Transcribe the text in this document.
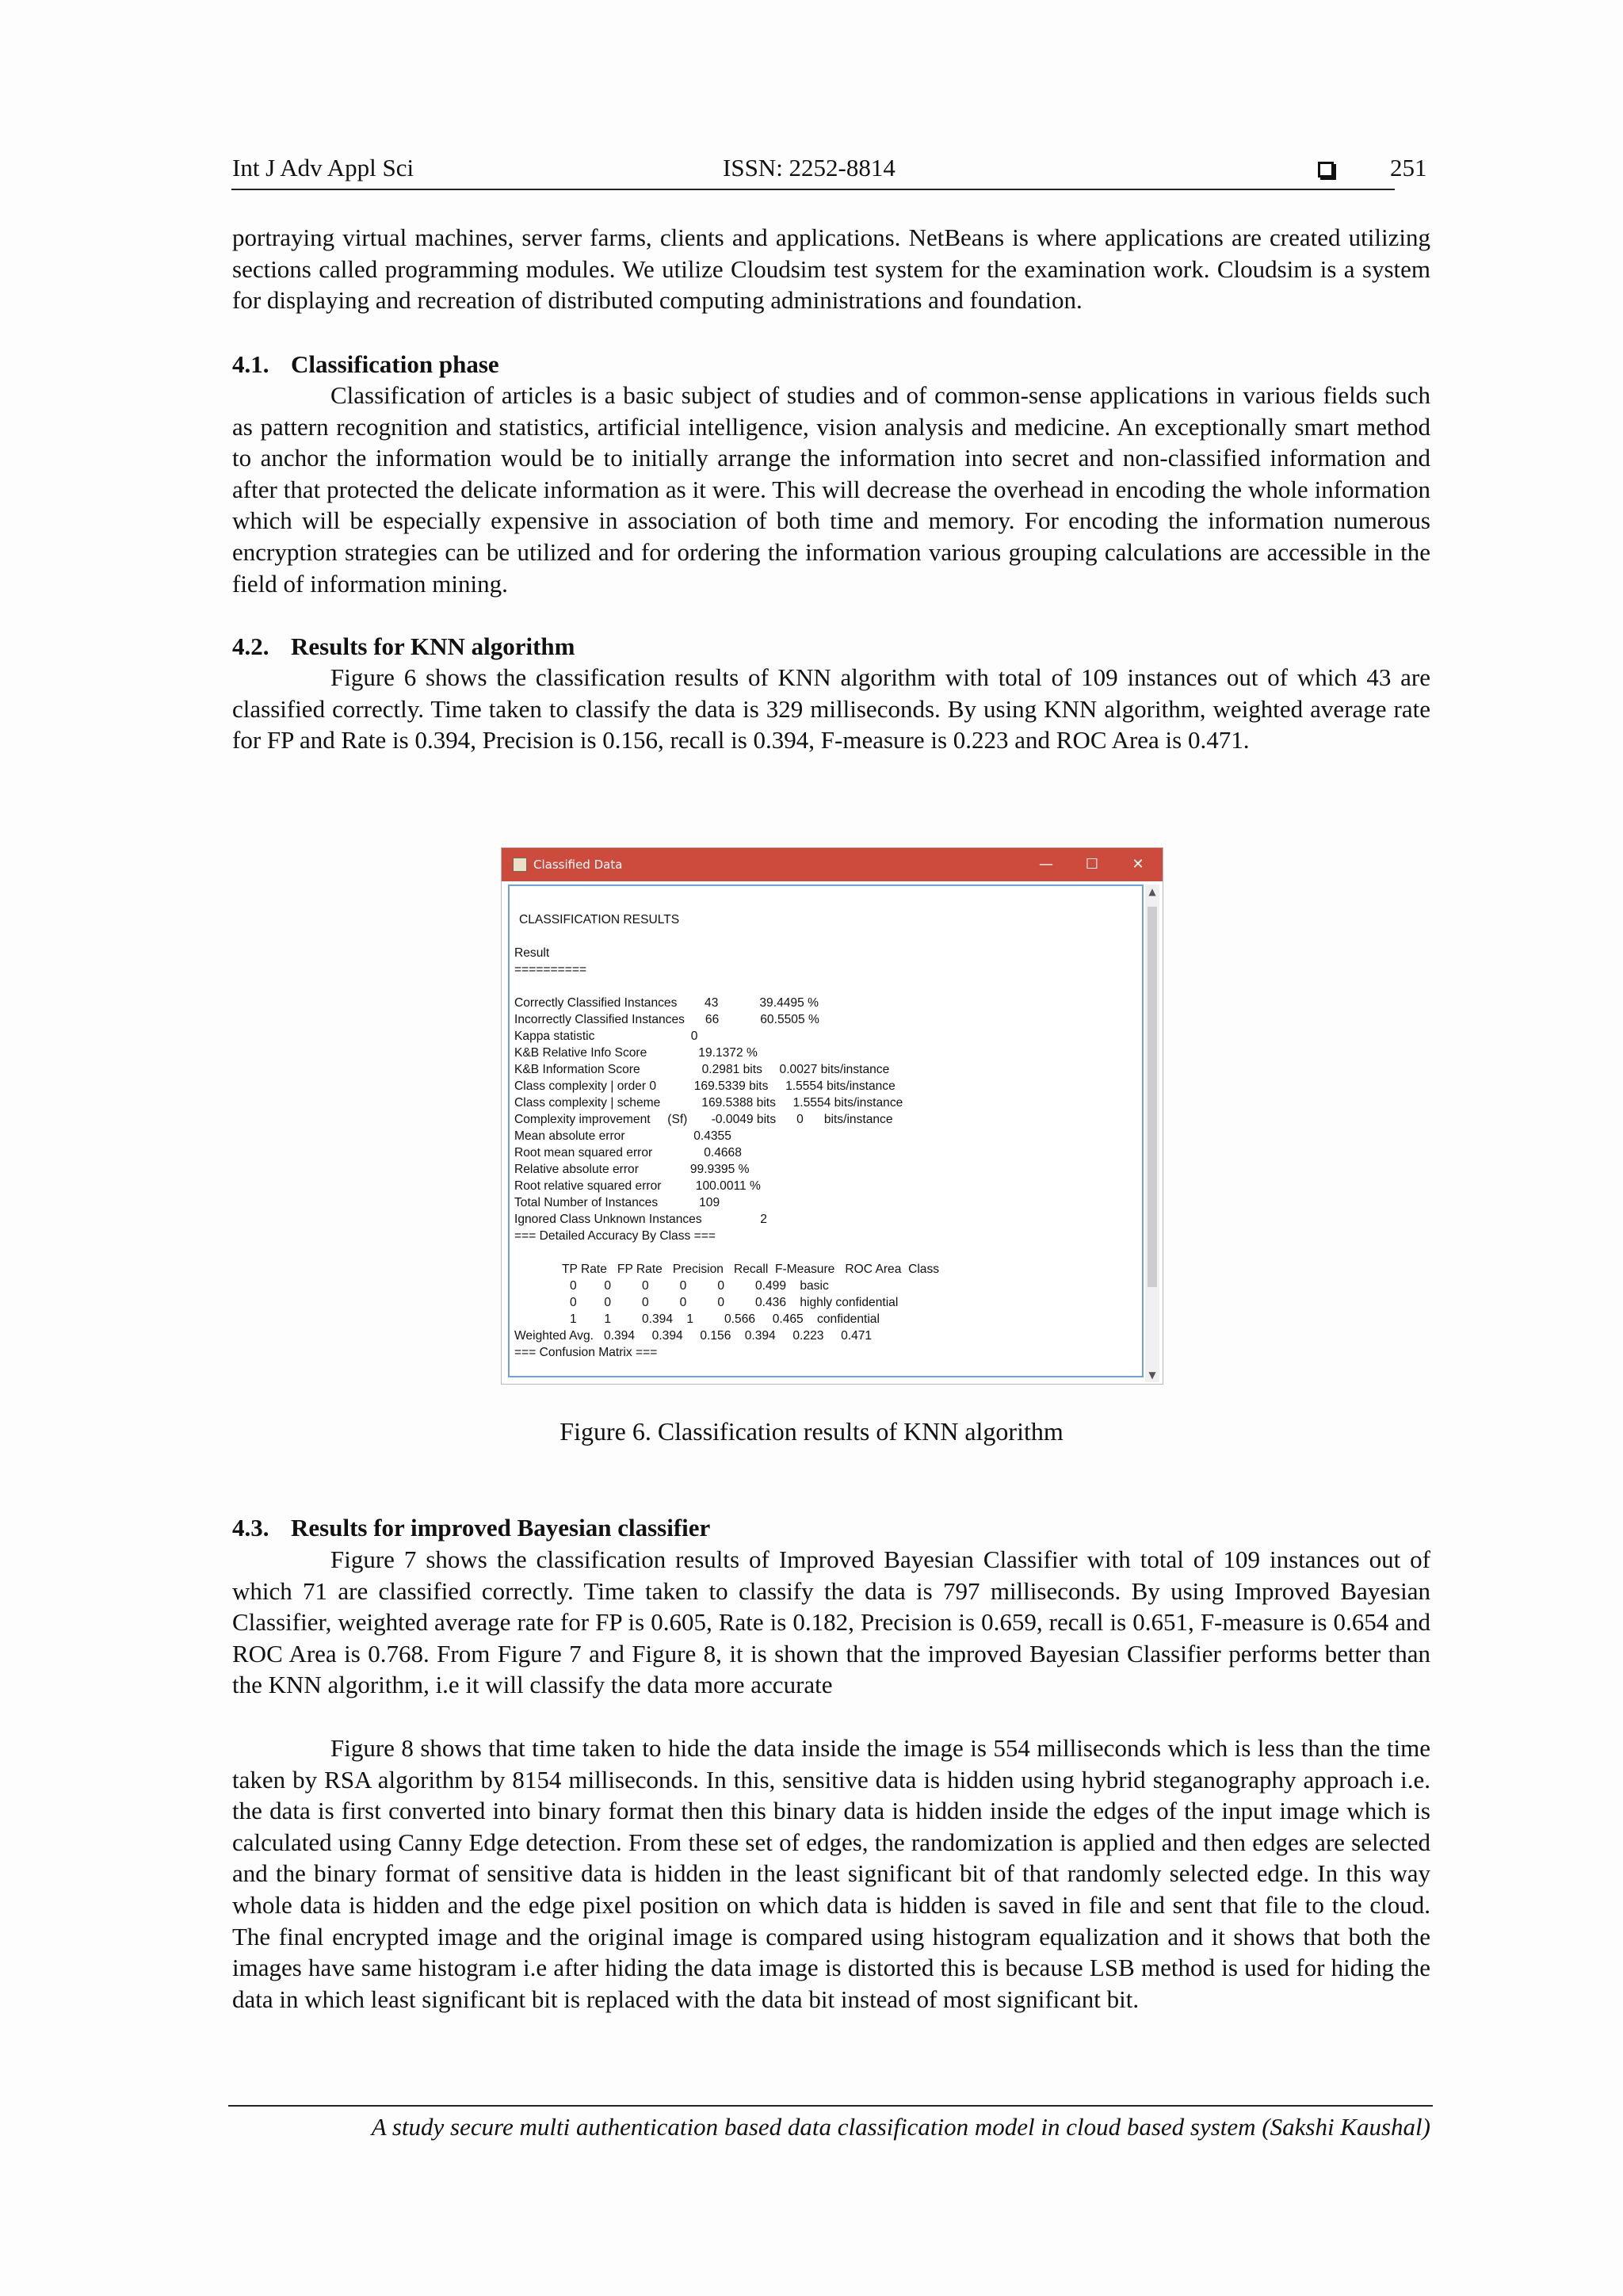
Int J Adv Appl Sci	ISSN: 2252-8814	251

portraying virtual machines, server farms, clients and applications. NetBeans is where applications are created utilizing sections called programming modules. We utilize Cloudsim test system for the examination work. Cloudsim is a system for displaying and recreation of distributed computing administrations and foundation.

4.1. Classification phase

Classification of articles is a basic subject of studies and of common-sense applications in various fields such as pattern recognition and statistics, artificial intelligence, vision analysis and medicine. An exceptionally smart method to anchor the information would be to initially arrange the information into secret and non-classified information and after that protected the delicate information as it were. This will decrease the overhead in encoding the whole information which will be especially expensive in association of both time and memory. For encoding the information numerous encryption strategies can be utilized and for ordering the information various grouping calculations are accessible in the field of information mining.

4.2. Results for KNN algorithm

Figure 6 shows the classification results of KNN algorithm with total of 109 instances out of which 43 are classified correctly. Time taken to classify the data is 329 milliseconds. By using KNN algorithm, weighted average rate for FP and Rate is 0.394, Precision is 0.156, recall is 0.394, F-measure is 0.223 and ROC Area is 0.471.

Classified Data	—	☐	✕
CLASSIFICATION RESULTS
Result
==========
Correctly Classified Instances        43            39.4495 %
Incorrectly Classified Instances      66            60.5505 %
Kappa statistic                            0
K&B Relative Info Score               19.1372 %
K&B Information Score                  0.2981 bits     0.0027 bits/instance
Class complexity | order 0           169.5339 bits     1.5554 bits/instance
Class complexity | scheme            169.5388 bits     1.5554 bits/instance
Complexity improvement     (Sf)       -0.0049 bits      0      bits/instance
Mean absolute error                    0.4355
Root mean squared error               0.4668
Relative absolute error               99.9395 %
Root relative squared error          100.0011 %
Total Number of Instances            109
Ignored Class Unknown Instances                 2
=== Detailed Accuracy By Class ===
TP Rate   FP Rate   Precision   Recall  F-Measure   ROC Area  Class
0        0         0         0         0         0.499    basic
0        0         0         0         0         0.436    highly confidential
1        1         0.394    1         0.566     0.465    confidential
Weighted Avg.   0.394     0.394     0.156    0.394     0.223     0.471
=== Confusion Matrix ===
▲
▼
Figure 6. Classification results of KNN algorithm
4.3. Results for improved Bayesian classifier

Figure 7 shows the classification results of Improved Bayesian Classifier with total of 109 instances out of which 71 are classified correctly. Time taken to classify the data is 797 milliseconds. By using Improved Bayesian Classifier, weighted average rate for FP is 0.605, Rate is 0.182, Precision is 0.659, recall is 0.651, F-measure is 0.654 and ROC Area is 0.768. From Figure 7 and Figure 8, it is shown that the improved Bayesian Classifier performs better than the KNN algorithm, i.e it will classify the data more accurate

Figure 8 shows that time taken to hide the data inside the image is 554 milliseconds which is less than the time taken by RSA algorithm by 8154 milliseconds. In this, sensitive data is hidden using hybrid steganography approach i.e. the data is first converted into binary format then this binary data is hidden inside the edges of the input image which is calculated using Canny Edge detection. From these set of edges, the randomization is applied and then edges are selected and the binary format of sensitive data is hidden in the least significant bit of that randomly selected edge. In this way whole data is hidden and the edge pixel position on which data is hidden is saved in file and sent that file to the cloud. The final encrypted image and the original image is compared using histogram equalization and it shows that both the images have same histogram i.e after hiding the data image is distorted this is because LSB method is used for hiding the data in which least significant bit is replaced with the data bit instead of most significant bit.

A study secure multi authentication based data classification model in cloud based system (Sakshi Kaushal)
